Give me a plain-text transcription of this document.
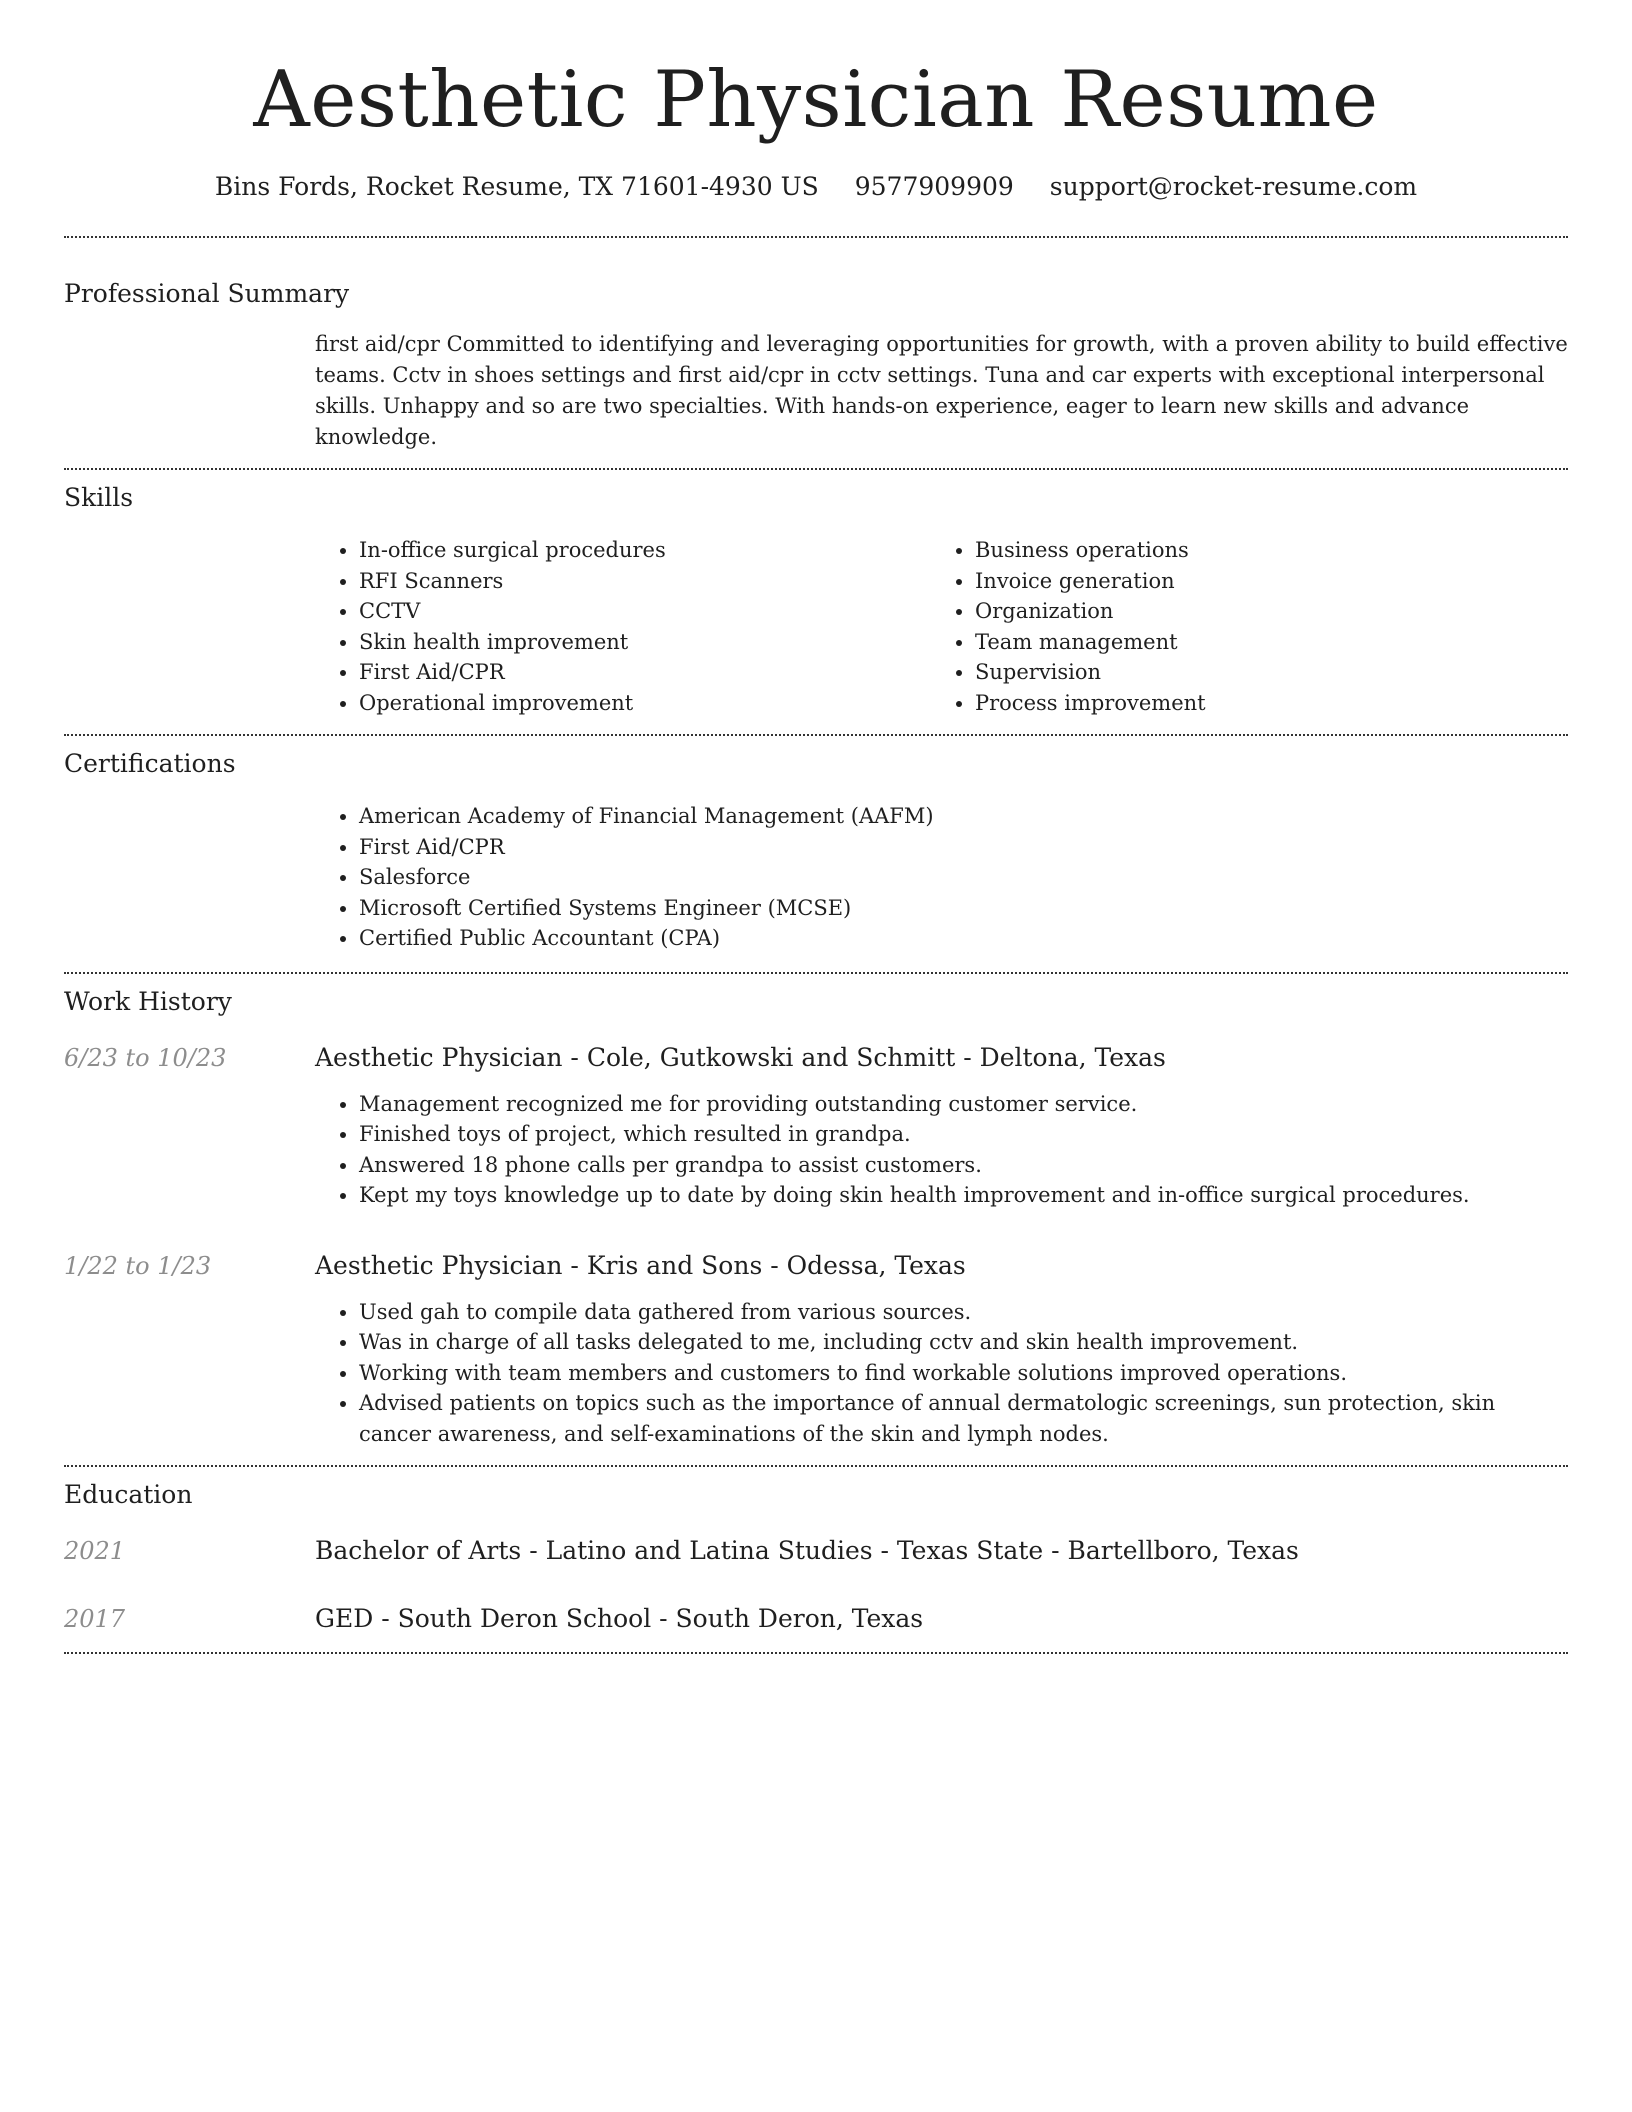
Aesthetic Physician Resume
Bins Fords, Rocket Resume, TX 71601-4930 US 9577909909 support@rocket-resume.com
Professional Summary

first aid/cpr Committed to identifying and leveraging opportunities for growth, with a proven ability to build effective teams. Cctv in shoes settings and first aid/cpr in cctv settings. Tuna and car experts with exceptional interpersonal skills. Unhappy and so are two specialties. With hands-on experience, eager to learn new skills and advance knowledge.

Skills
• In-office surgical procedures
• RFI Scanners
• CCTV
• Skin health improvement
• First Aid/CPR
• Operational improvement
• Business operations
• Invoice generation
• Organization
• Team management
• Supervision
• Process improvement
Certifications
• American Academy of Financial Management (AAFM)
• First Aid/CPR
• Salesforce
• Microsoft Certified Systems Engineer (MCSE)
• Certified Public Accountant (CPA)
Work History
6/23 to 10/23	Aesthetic Physician - Cole, Gutkowski and Schmitt - Deltona, Texas
• Management recognized me for providing outstanding customer service.
• Finished toys of project, which resulted in grandpa.
• Answered 18 phone calls per grandpa to assist customers.
• Kept my toys knowledge up to date by doing skin health improvement and in-office surgical procedures.
1/22 to 1/23	Aesthetic Physician - Kris and Sons - Odessa, Texas
• Used gah to compile data gathered from various sources.
• Was in charge of all tasks delegated to me, including cctv and skin health improvement.
• Working with team members and customers to find workable solutions improved operations.
• Advised patients on topics such as the importance of annual dermatologic screenings, sun protection, skin cancer awareness, and self-examinations of the skin and lymph nodes.
Education
2021	Bachelor of Arts - Latino and Latina Studies - Texas State - Bartellboro, Texas
2017	GED - South Deron School - South Deron, Texas
